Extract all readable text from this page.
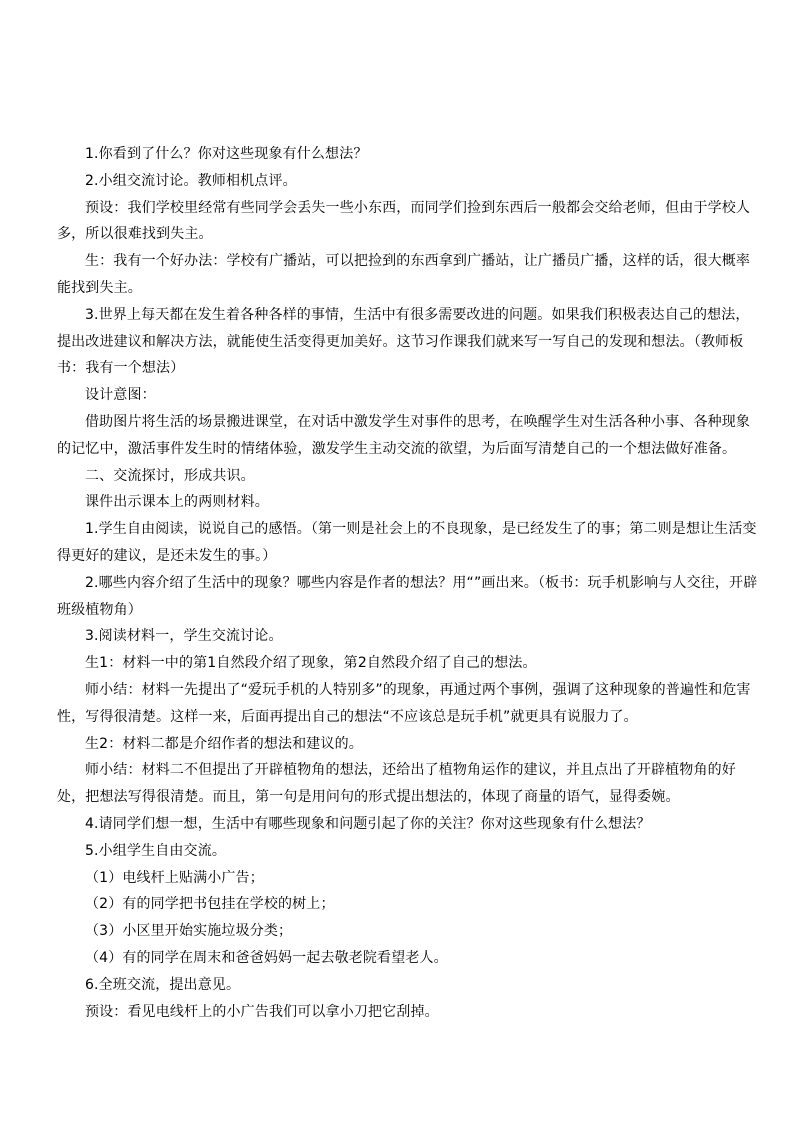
1.你看到了什么？你对这些现象有什么想法？

2.小组交流讨论。教师相机点评。

预设：我们学校里经常有些同学会丢失一些小东西，而同学们捡到东西后一般都会交给老师，但由于学校人多，所以很难找到失主。

生：我有一个好办法：学校有广播站，可以把捡到的东西拿到广播站，让广播员广播，这样的话，很大概率能找到失主。

3.世界上每天都在发生着各种各样的事情，生活中有很多需要改进的问题。如果我们积极表达自己的想法，提出改进建议和解决方法，就能使生活变得更加美好。这节习作课我们就来写一写自己的发现和想法。（教师板书：我有一个想法）

设计意图：

借助图片将生活的场景搬进课堂，在对话中激发学生对事件的思考，在唤醒学生对生活各种小事、各种现象的记忆中，激活事件发生时的情绪体验，激发学生主动交流的欲望，为后面写清楚自己的一个想法做好准备。

二、交流探讨，形成共识。

课件出示课本上的两则材料。

1.学生自由阅读，说说自己的感悟。（第一则是社会上的不良现象，是已经发生了的事；第二则是想让生活变得更好的建议，是还未发生的事。）

2.哪些内容介绍了生活中的现象？哪些内容是作者的想法？用“”画出来。（板书：玩手机影响与人交往，开辟班级植物角）

3.阅读材料一，学生交流讨论。

生1：材料一中的第1自然段介绍了现象，第2自然段介绍了自己的想法。

师小结：材料一先提出了“爱玩手机的人特别多”的现象，再通过两个事例，强调了这种现象的普遍性和危害性，写得很清楚。这样一来，后面再提出自己的想法“不应该总是玩手机”就更具有说服力了。

生2：材料二都是介绍作者的想法和建议的。

师小结：材料二不但提出了开辟植物角的想法，还给出了植物角运作的建议，并且点出了开辟植物角的好处，把想法写得很清楚。而且，第一句是用问句的形式提出想法的，体现了商量的语气，显得委婉。

4.请同学们想一想，生活中有哪些现象和问题引起了你的关注？你对这些现象有什么想法？

5.小组学生自由交流。

（1）电线杆上贴满小广告；

（2）有的同学把书包挂在学校的树上；

（3）小区里开始实施垃圾分类；

（4）有的同学在周末和爸爸妈妈一起去敬老院看望老人。

6.全班交流，提出意见。

预设：看见电线杆上的小广告我们可以拿小刀把它刮掉。
